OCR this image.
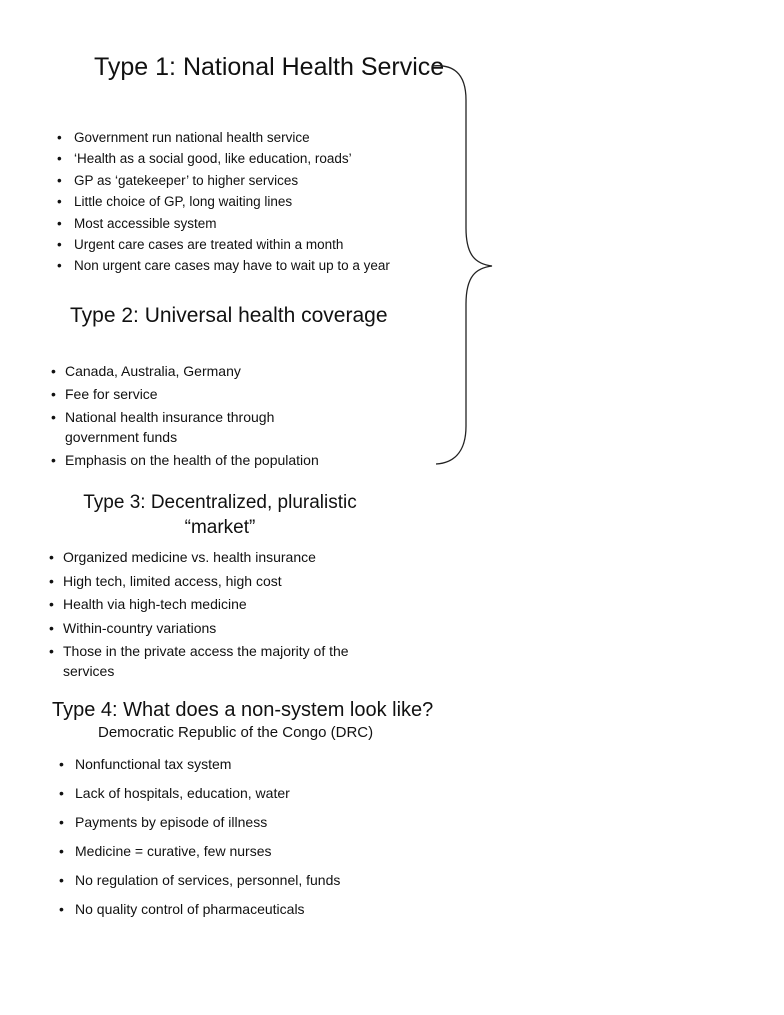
Type 1: National Health Service
• Government run national health service
• ‘Health as a social good, like education, roads’
• GP as ‘gatekeeper’ to higher services
• Little choice of GP, long waiting lines
• Most accessible system
• Urgent care cases are treated within a month
• Non urgent care cases may have to wait up to a year
Type 2: Universal health coverage
• Canada, Australia, Germany
• Fee for service
• National health insurance through government funds
• Emphasis on the health of the population
Type 3: Decentralized, pluralistic
“market”
• Organized medicine vs. health insurance
• High tech, limited access, high cost
• Health via high-tech medicine
• Within-country variations
• Those in the private access the majority of the services
Type 4: What does a non-system look like?
Democratic Republic of the Congo (DRC)
• Nonfunctional tax system
• Lack of hospitals, education, water
• Payments by episode of illness
• Medicine = curative, few nurses
• No regulation of services, personnel, funds
• No quality control of pharmaceuticals
